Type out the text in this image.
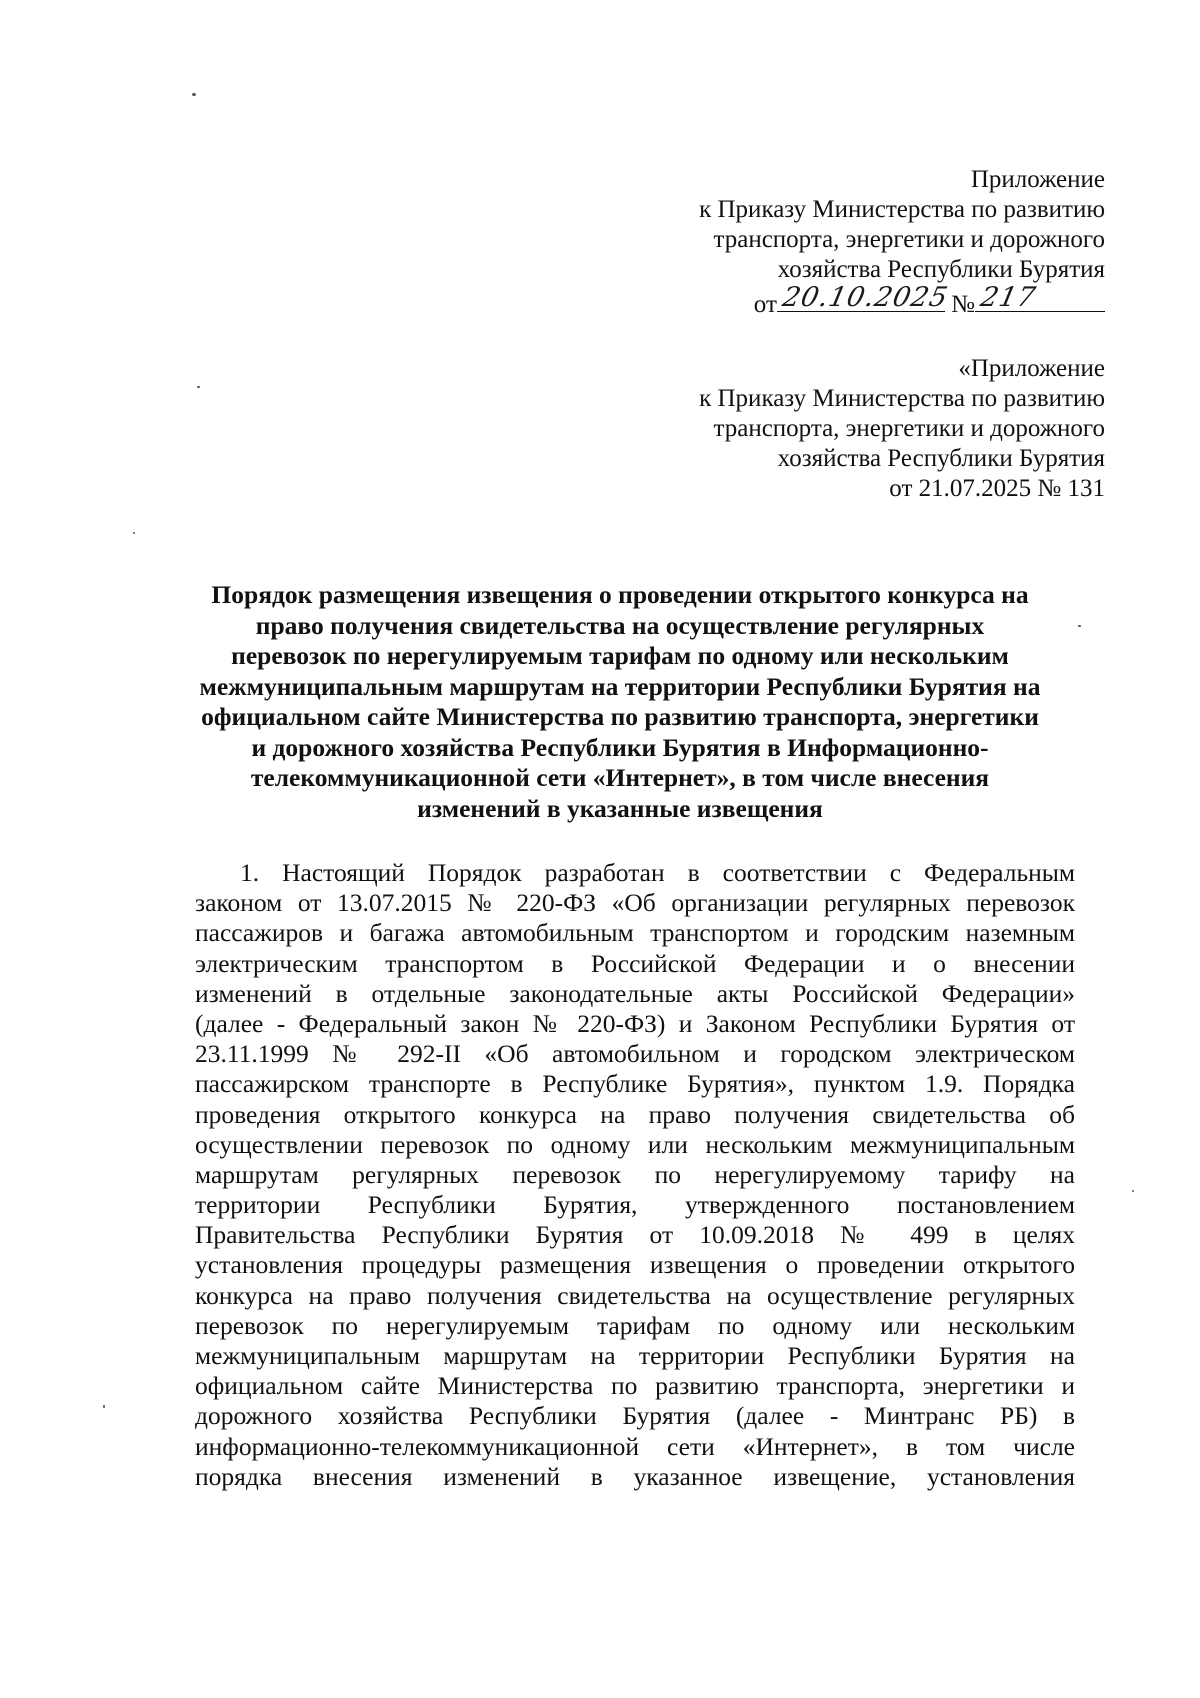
Приложение
к Приказу Министерства по развитию
транспорта, энергетики и дорожного
хозяйства Республики Бурятия
от 20.10.2025 № 217
«Приложение
к Приказу Министерства по развитию
транспорта, энергетики и дорожного
хозяйства Республики Бурятия
от 21.07.2025 № 131
Порядок размещения извещения о проведении открытого конкурса на
право получения свидетельства на осуществление регулярных
перевозок по нерегулируемым тарифам по одному или нескольким
межмуниципальным маршрутам на территории Республики Бурятия на
официальном сайте Министерства по развитию транспорта, энергетики
и дорожного хозяйства Республики Бурятия в Информационно-
телекоммуникационной сети «Интернет», в том числе внесения
изменений в указанные извещения
1. Настоящий Порядок разработан в соответствии с Федеральным
законом от 13.07.2015 № 220-ФЗ «Об организации регулярных перевозок
пассажиров и багажа автомобильным транспортом и городским наземным
электрическим транспортом в Российской Федерации и о внесении
изменений в отдельные законодательные акты Российской Федерации»
(далее - Федеральный закон № 220-ФЗ) и Законом Республики Бурятия от
23.11.1999 № 292-II «Об автомобильном и городском электрическом
пассажирском транспорте в Республике Бурятия», пунктом 1.9. Порядка
проведения открытого конкурса на право получения свидетельства об
осуществлении перевозок по одному или нескольким межмуниципальным
маршрутам регулярных перевозок по нерегулируемому тарифу на
территории Республики Бурятия, утвержденного постановлением
Правительства Республики Бурятия от 10.09.2018 № 499 в целях
установления процедуры размещения извещения о проведении открытого
конкурса на право получения свидетельства на осуществление регулярных
перевозок по нерегулируемым тарифам по одному или нескольким
межмуниципальным маршрутам на территории Республики Бурятия на
официальном сайте Министерства по развитию транспорта, энергетики и
дорожного хозяйства Республики Бурятия (далее - Минтранс РБ) в
информационно-телекоммуникационной сети «Интернет», в том числе
порядка внесения изменений в указанное извещение, установления
